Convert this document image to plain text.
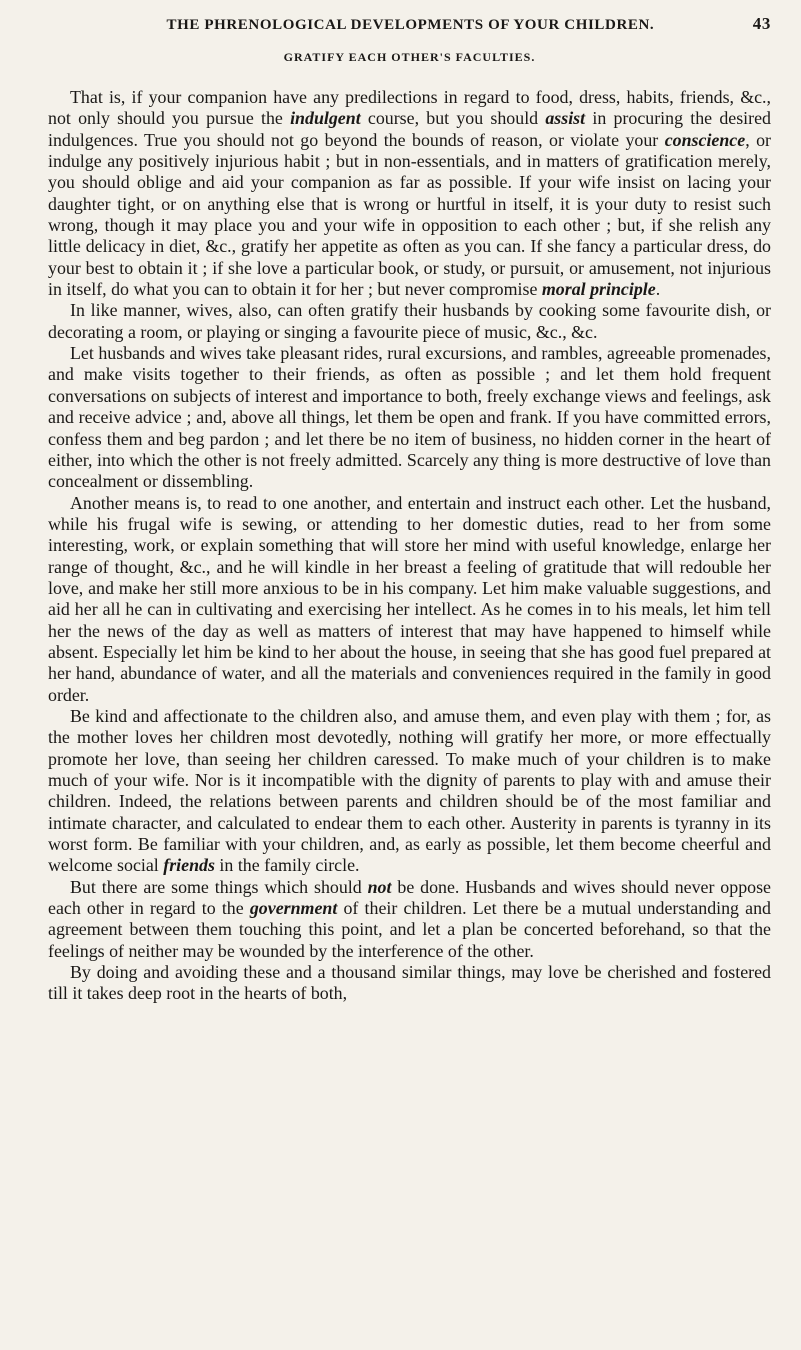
THE PHRENOLOGICAL DEVELOPMENTS OF YOUR CHILDREN.	43
GRATIFY EACH OTHER'S FACULTIES.

That is, if your companion have any predilections in regard to food, dress, habits, friends, &c., not only should you pursue the indulgent course, but you should assist in procuring the desired indulgences. True you should not go beyond the bounds of reason, or violate your conscience, or indulge any positively injurious habit ; but in non-essentials, and in matters of gratification merely, you should oblige and aid your companion as far as possible. If your wife insist on lacing your daughter tight, or on anything else that is wrong or hurtful in itself, it is your duty to resist such wrong, though it may place you and your wife in opposition to each other ; but, if she relish any little delicacy in diet, &c., gratify her appetite as often as you can. If she fancy a particular dress, do your best to obtain it ; if she love a particular book, or study, or pursuit, or amusement, not injurious in itself, do what you can to obtain it for her ; but never compromise moral principle.

In like manner, wives, also, can often gratify their husbands by cooking some favourite dish, or decorating a room, or playing or singing a favourite piece of music, &c., &c.

Let husbands and wives take pleasant rides, rural excursions, and rambles, agreeable promenades, and make visits together to their friends, as often as possible ; and let them hold frequent conversations on subjects of interest and importance to both, freely exchange views and feelings, ask and receive advice ; and, above all things, let them be open and frank. If you have committed errors, confess them and beg pardon ; and let there be no item of business, no hidden corner in the heart of either, into which the other is not freely admitted. Scarcely any thing is more destructive of love than concealment or dissembling.

Another means is, to read to one another, and entertain and instruct each other. Let the husband, while his frugal wife is sewing, or attending to her domestic duties, read to her from some interesting, work, or explain something that will store her mind with useful knowledge, enlarge her range of thought, &c., and he will kindle in her breast a feeling of gratitude that will redouble her love, and make her still more anxious to be in his company. Let him make valuable suggestions, and aid her all he can in cultivating and exercising her intellect. As he comes in to his meals, let him tell her the news of the day as well as matters of interest that may have happened to himself while absent. Especially let him be kind to her about the house, in seeing that she has good fuel prepared at her hand, abundance of water, and all the materials and conveniences required in the family in good order.

Be kind and affectionate to the children also, and amuse them, and even play with them ; for, as the mother loves her children most devotedly, nothing will gratify her more, or more effectually promote her love, than seeing her children caressed. To make much of your children is to make much of your wife. Nor is it incompatible with the dignity of parents to play with and amuse their children. Indeed, the relations between parents and children should be of the most familiar and intimate character, and calculated to endear them to each other. Austerity in parents is tyranny in its worst form. Be familiar with your children, and, as early as possible, let them become cheerful and welcome social friends in the family circle.

But there are some things which should not be done. Husbands and wives should never oppose each other in regard to the government of their children. Let there be a mutual understanding and agreement between them touching this point, and let a plan be concerted beforehand, so that the feelings of neither may be wounded by the interference of the other.

By doing and avoiding these and a thousand similar things, may love be cherished and fostered till it takes deep root in the hearts of both,
